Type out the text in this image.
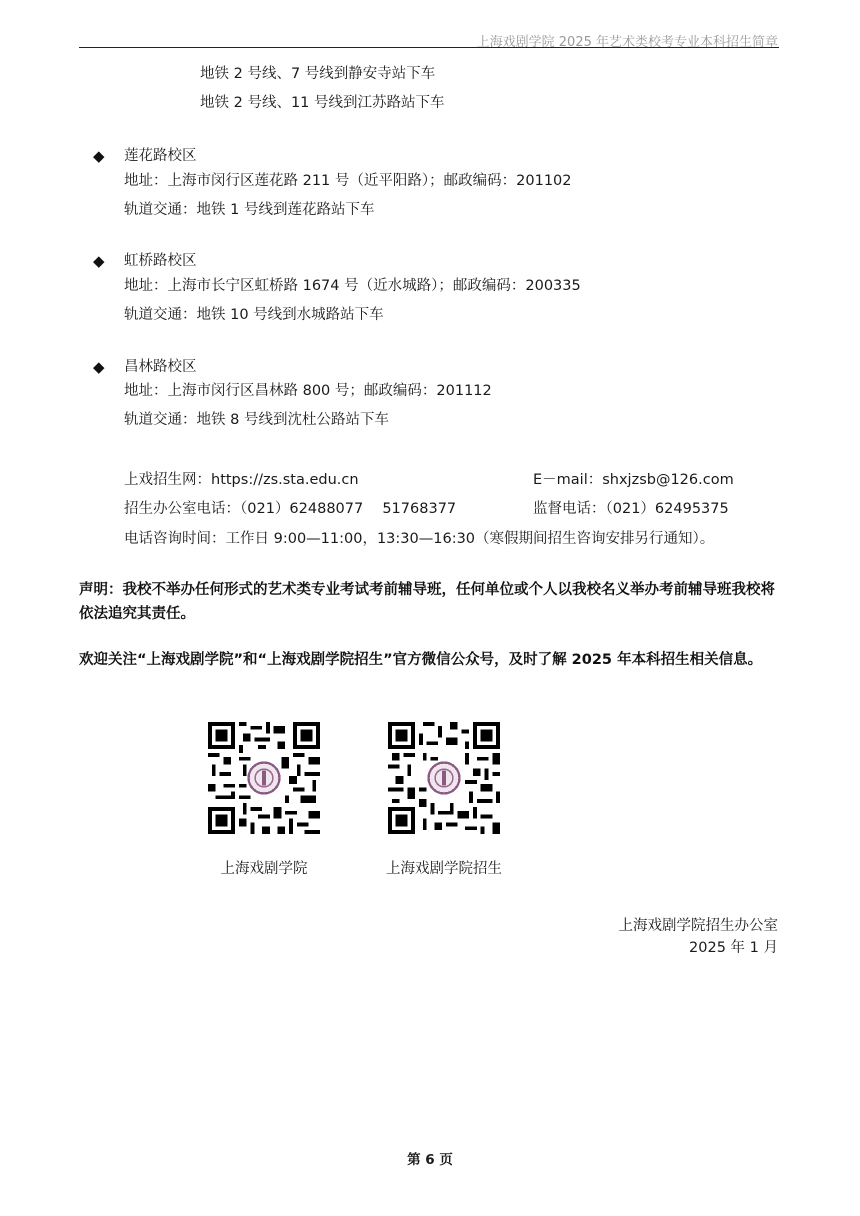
上海戏剧学院 2025 年艺术类校考专业本科招生简章
地铁 2 号线、7 号线到静安寺站下车
地铁 2 号线、11 号线到江苏路站下车
◆ 莲花路校区
地址：上海市闵行区莲花路 211 号（近平阳路）；邮政编码：201102
轨道交通：地铁 1 号线到莲花路站下车
◆ 虹桥路校区
地址：上海市长宁区虹桥路 1674 号（近水城路）；邮政编码：200335
轨道交通：地铁 10 号线到水城路站下车
◆ 昌林路校区
地址：上海市闵行区昌林路 800 号；邮政编码：201112
轨道交通：地铁 8 号线到沈杜公路站下车
上戏招生网：https://zs.sta.edu.cn	E－mail：shxjzsb@126.com
招生办公室电话：（021）62488077　 51768377	监督电话：（021）62495375
电话咨询时间：工作日 9:00—11:00，13:30—16:30（寒假期间招生咨询安排另行通知）。
声明：我校不举办任何形式的艺术类专业考试考前辅导班，任何单位或个人以我校名义举办考前辅导班我校将依法追究其责任。
欢迎关注“上海戏剧学院”和“上海戏剧学院招生”官方微信公众号，及时了解 2025 年本科招生相关信息。
上海戏剧学院	上海戏剧学院招生
上海戏剧学院招生办公室
2025 年 1 月
第 6 页
